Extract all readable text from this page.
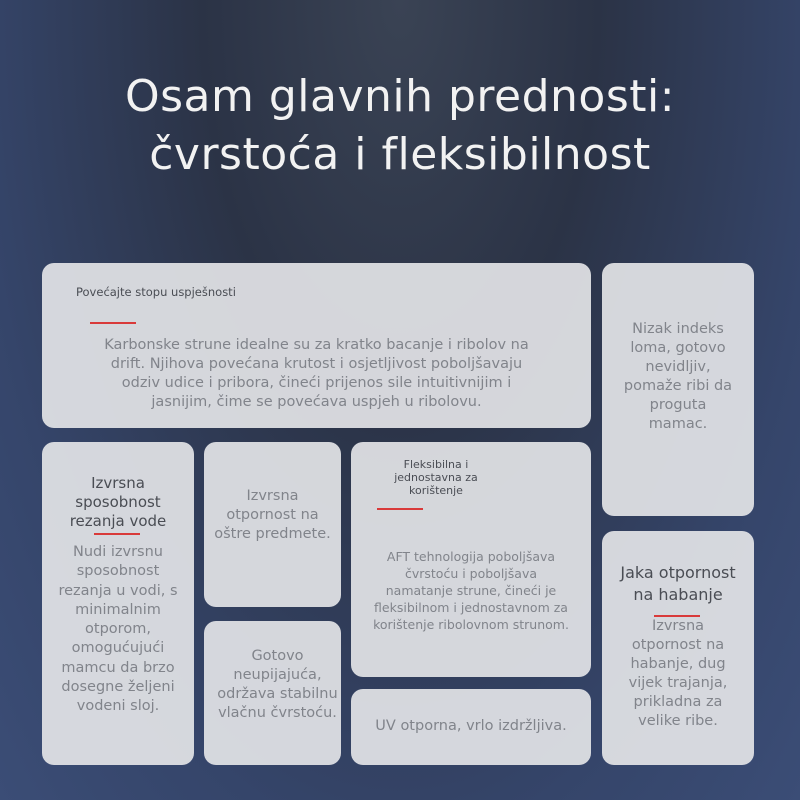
Osam glavnih prednosti:
čvrstoća i fleksibilnost
Povećajte stopu uspješnosti
Karbonske strune idealne su za kratko bacanje i ribolov na drift. Njihova povećana krutost i osjetljivost poboljšavaju odziv udice i pribora, čineći prijenos sile intuitivnijim i jasnijim, čime se povećava uspjeh u ribolovu.
Nizak indeks loma, gotovo nevidljiv, pomaže ribi da proguta mamac.
Izvrsna sposobnost rezanja vode
Nudi izvrsnu sposobnost rezanja u vodi, s minimalnim otporom, omogućujući mamcu da brzo dosegne željeni vodeni sloj.
Izvrsna otpornost na oštre predmete.
Fleksibilna i jednostavna za korištenje
AFT tehnologija poboljšava čvrstoću i poboljšava namatanje strune, čineći je fleksibilnom i jednostavnom za korištenje ribolovnom strunom.
Jaka otpornost na habanje
Izvrsna otpornost na habanje, dug vijek trajanja, prikladna za velike ribe.
Gotovo neupijajuća, održava stabilnu vlačnu čvrstoću.
UV otporna, vrlo izdržljiva.
